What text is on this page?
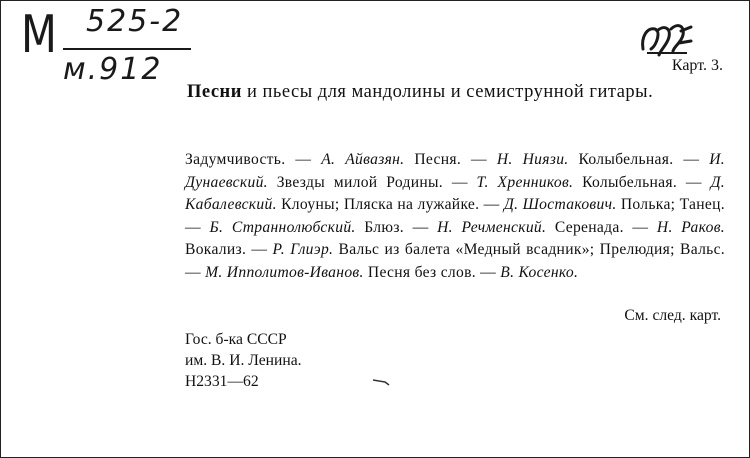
М 525-2
м.912	Карт. 3.
Песни и пьесы для мандолины и семиструнной гитары.
Задумчивость. — А. Айвазян. Песня. — Н. Ниязи. Колыбельная. — И. Дунаевский. Звезды милой Родины. — Т. Хренников. Колыбельная. — Д. Кабалевский. Клоуны; Пляска на лужайке. — Д. Шостакович. Полька; Танец. — Б. Страннолюбский. Блюз. — Н. Речменский. Серенада. — Н. Раков. Вокализ. — Р. Глиэр. Вальс из балета «Медный всадник»; Прелюдия; Вальс. — М. Ипполитов-Иванов. Песня без слов. — В. Косенко.
См. след. карт.
Гос. б-ка СССР
им. В. И. Ленина.
Н2331—62
